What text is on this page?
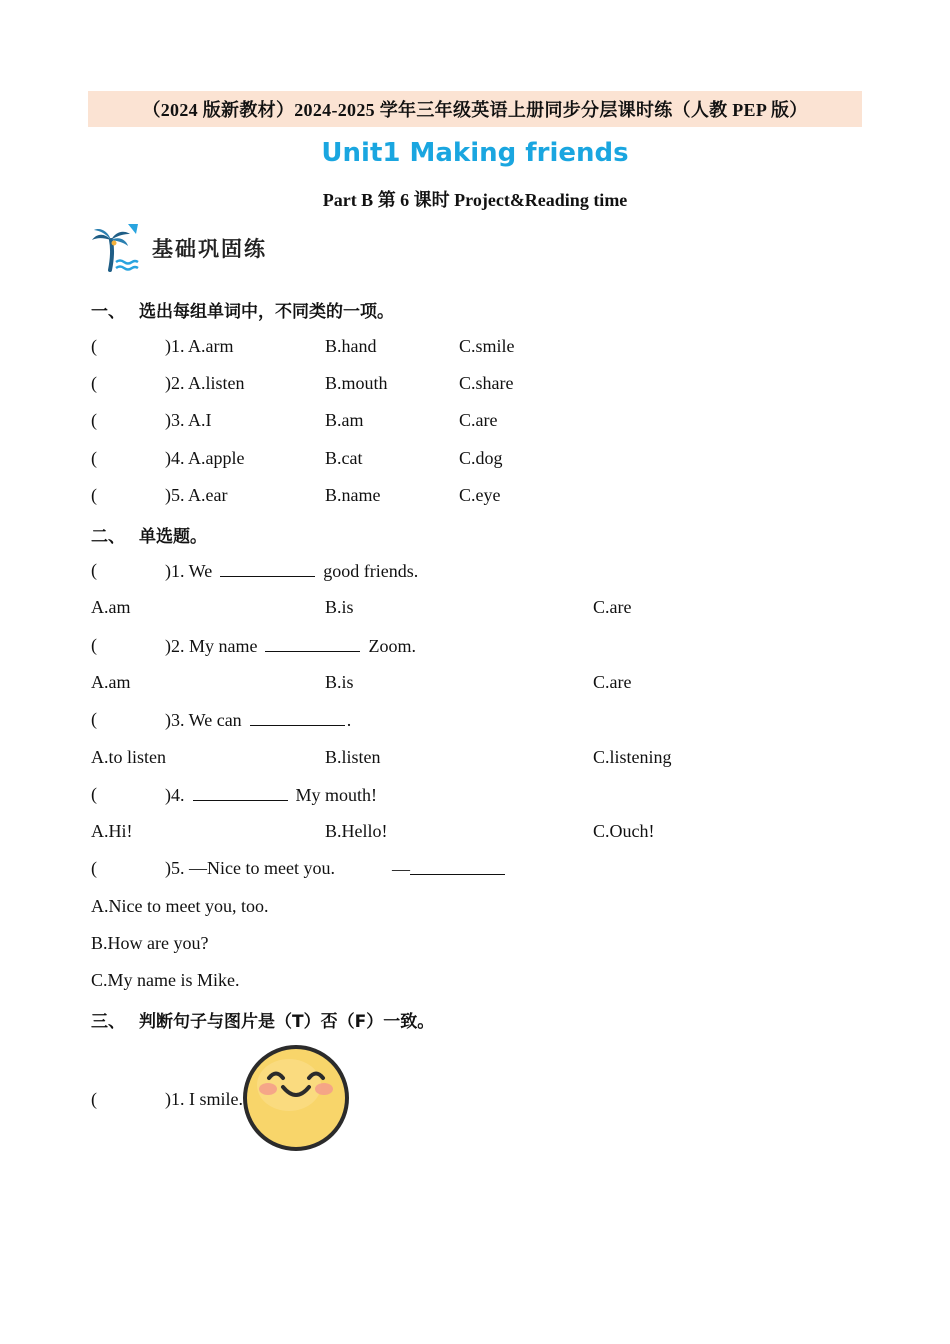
（2024 版新教材）2024-2025 学年三年级英语上册同步分层课时练（人教 PEP 版）
Unit1 Making friends
Part B 第 6 课时 Project&Reading time
基础巩固练
一、 选出每组单词中，不同类的一项。
(	)1. A.arm	B.hand	C.smile
(	)2. A.listen	B.mouth	C.share
(	)3. A.I	B.am	C.are
(	)4. A.apple	B.cat	C.dog
(	)5. A.ear	B.name	C.eye
二、 单选题。
(	)1. We	good friends.
A.am	B.is	C.are
(	)2. My name	Zoom.
A.am	B.is	C.are
(	)3. We can	.
A.to listen	B.listen	C.listening
(	)4.	My mouth!
A.Hi!	B.Hello!	C.Ouch!
(	)5. —Nice to meet you.	—
A.Nice to meet you, too.
B.How are you?
C.My name is Mike.
三、 判断句子与图片是（T）否（F）一致。
(	)1. I smile.
